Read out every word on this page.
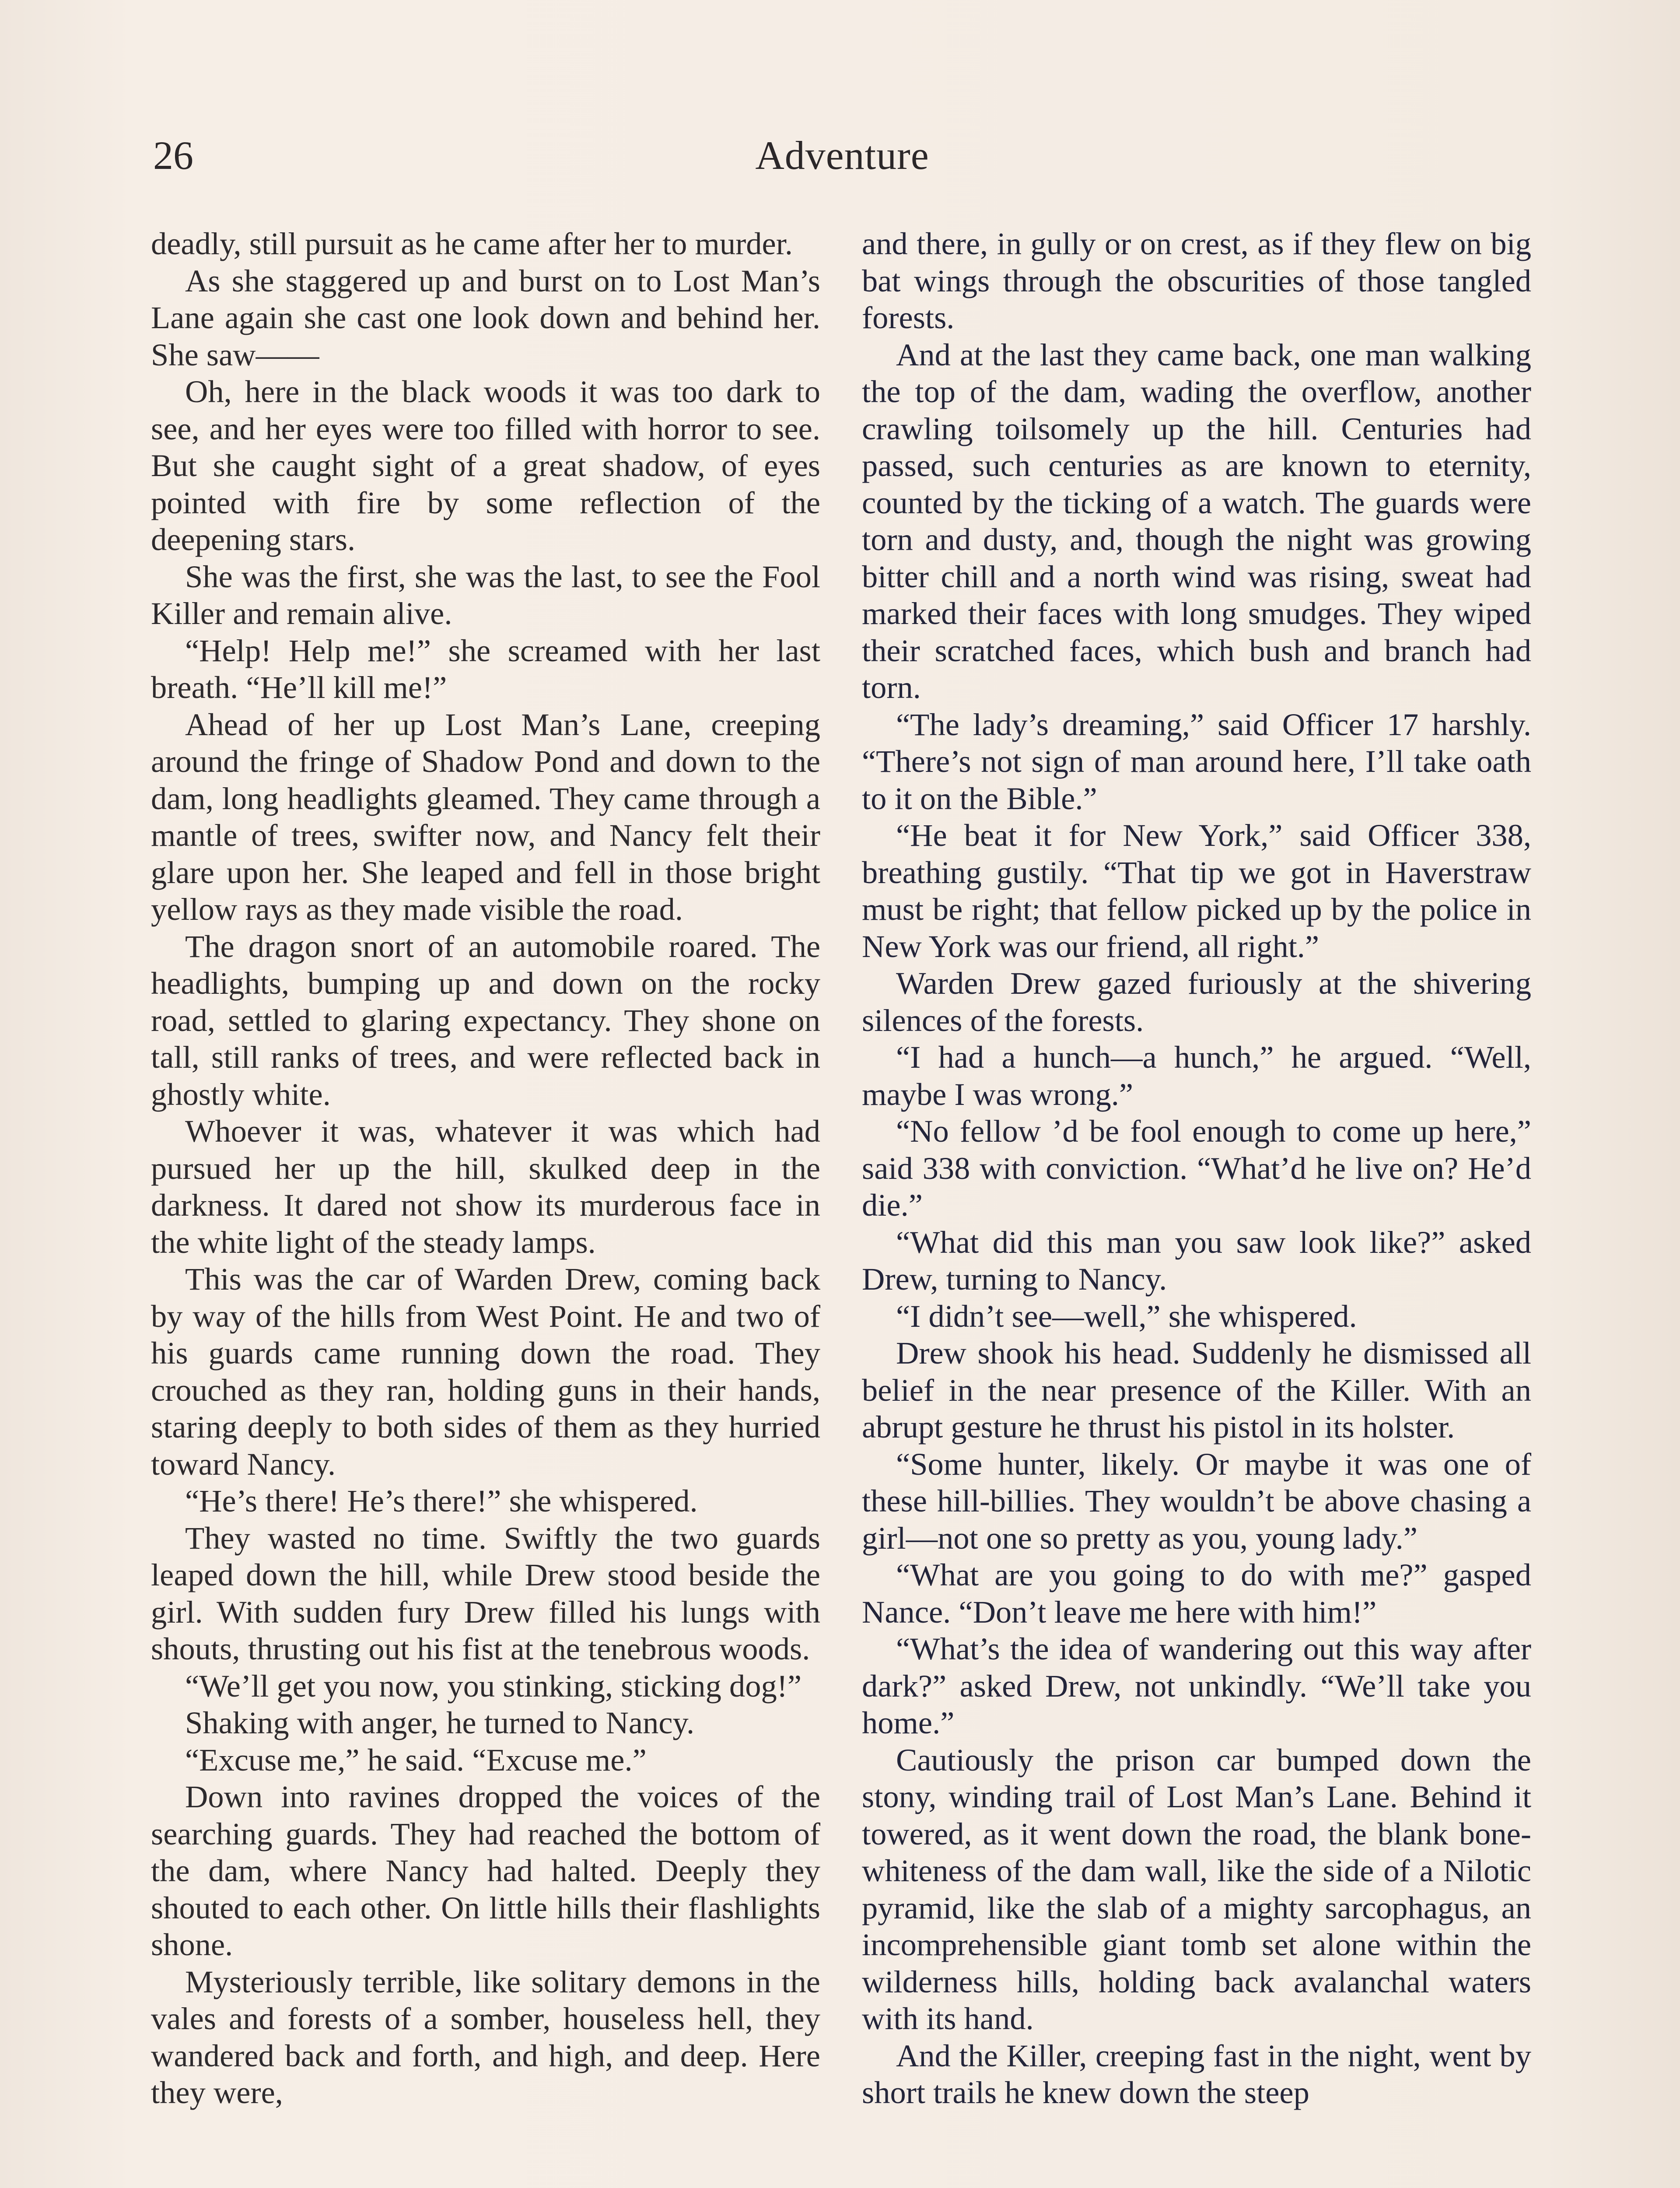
26	Adventure

deadly, still pursuit as he came after her to murder.

As she staggered up and burst on to Lost Man’s Lane again she cast one look down and behind her. She saw——

Oh, here in the black woods it was too dark to see, and her eyes were too filled with horror to see. But she caught sight of a great shadow, of eyes pointed with fire by some reflection of the deepening stars.

She was the first, she was the last, to see the Fool Killer and remain alive.

“Help! Help me!” she screamed with her last breath. “He’ll kill me!”

Ahead of her up Lost Man’s Lane, creeping around the fringe of Shadow Pond and down to the dam, long headlights gleamed. They came through a mantle of trees, swifter now, and Nancy felt their glare upon her. She leaped and fell in those bright yellow rays as they made visible the road.

The dragon snort of an automobile roared. The headlights, bumping up and down on the rocky road, settled to glaring expectancy. They shone on tall, still ranks of trees, and were reflected back in ghostly white.

Whoever it was, whatever it was which had pursued her up the hill, skulked deep in the darkness. It dared not show its murderous face in the white light of the steady lamps.

This was the car of Warden Drew, coming back by way of the hills from West Point. He and two of his guards came running down the road. They crouched as they ran, holding guns in their hands, staring deeply to both sides of them as they hurried toward Nancy.

“He’s there! He’s there!” she whispered.

They wasted no time. Swiftly the two guards leaped down the hill, while Drew stood beside the girl. With sudden fury Drew filled his lungs with shouts, thrusting out his fist at the tenebrous woods.

“We’ll get you now, you stinking, sticking dog!”

Shaking with anger, he turned to Nancy.

“Excuse me,” he said. “Excuse me.”

Down into ravines dropped the voices of the searching guards. They had reached the bottom of the dam, where Nancy had halted. Deeply they shouted to each other. On little hills their flashlights shone.

Mysteriously terrible, like solitary demons in the vales and forests of a somber, houseless hell, they wandered back and forth, and high, and deep. Here they were,

and there, in gully or on crest, as if they flew on big bat wings through the obscurities of those tangled forests.

And at the last they came back, one man walking the top of the dam, wading the overflow, another crawling toilsomely up the hill. Centuries had passed, such centuries as are known to eternity, counted by the ticking of a watch. The guards were torn and dusty, and, though the night was growing bitter chill and a north wind was rising, sweat had marked their faces with long smudges. They wiped their scratched faces, which bush and branch had torn.

“The lady’s dreaming,” said Officer 17 harshly. “There’s not sign of man around here, I’ll take oath to it on the Bible.”

“He beat it for New York,” said Officer 338, breathing gustily. “That tip we got in Haverstraw must be right; that fellow picked up by the police in New York was our friend, all right.”

Warden Drew gazed furiously at the shivering silences of the forests.

“I had a hunch—a hunch,” he argued. “Well, maybe I was wrong.”

“No fellow ’d be fool enough to come up here,” said 338 with conviction. “What’d he live on? He’d die.”

“What did this man you saw look like?” asked Drew, turning to Nancy.

“I didn’t see—well,” she whispered.

Drew shook his head. Suddenly he dismissed all belief in the near presence of the Killer. With an abrupt gesture he thrust his pistol in its holster.

“Some hunter, likely. Or maybe it was one of these hill-billies. They wouldn’t be above chasing a girl—not one so pretty as you, young lady.”

“What are you going to do with me?” gasped Nance. “Don’t leave me here with him!”

“What’s the idea of wandering out this way after dark?” asked Drew, not unkindly. “We’ll take you home.”

Cautiously the prison car bumped down the stony, winding trail of Lost Man’s Lane. Behind it towered, as it went down the road, the blank bone-whiteness of the dam wall, like the side of a Nilotic pyramid, like the slab of a mighty sarcophagus, an incomprehensible giant tomb set alone within the wilderness hills, holding back avalanchal waters with its hand.

And the Killer, creeping fast in the night, went by short trails he knew down the steep
